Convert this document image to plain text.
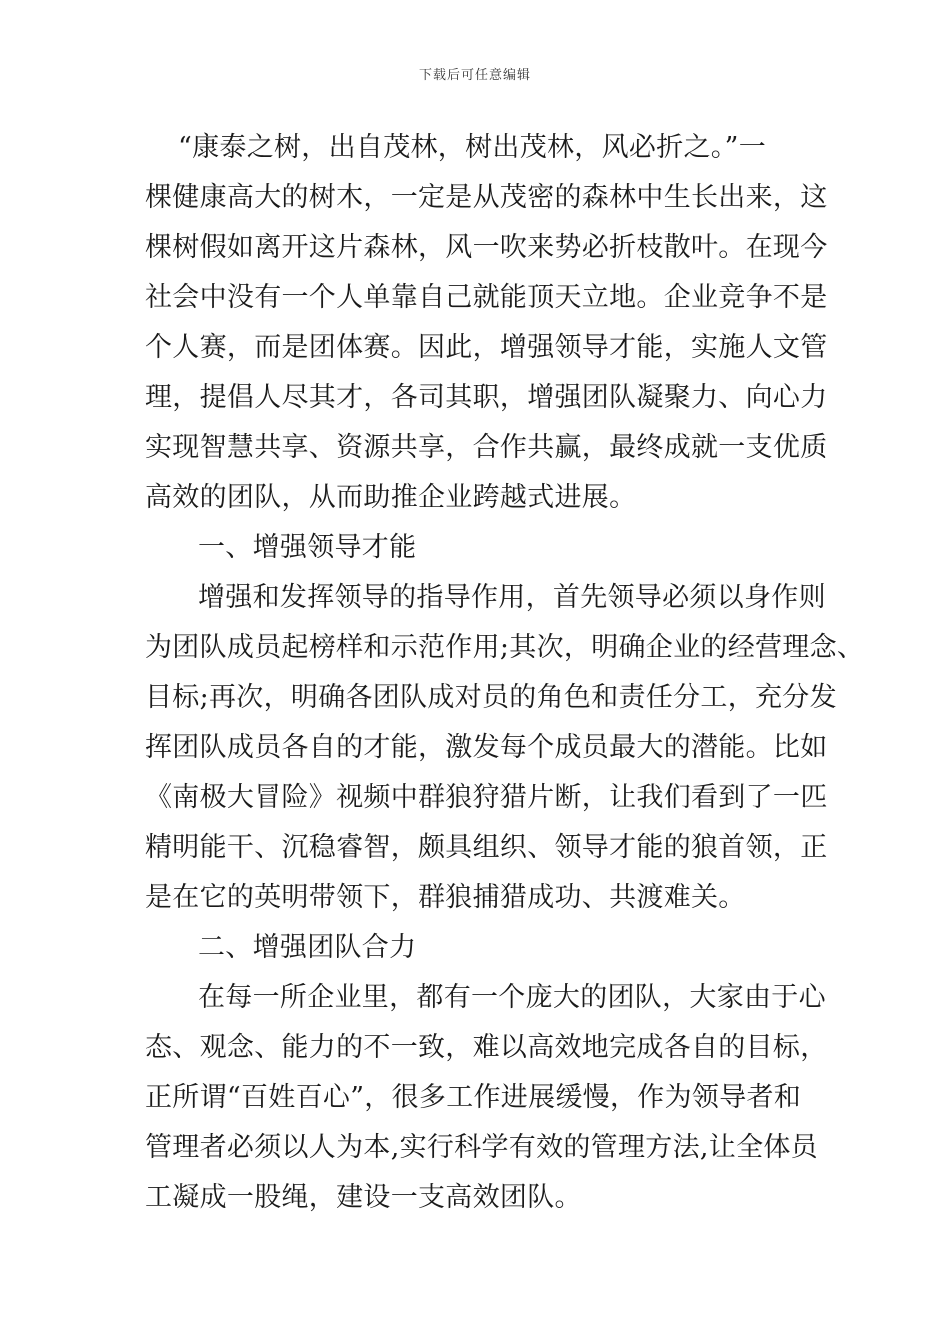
下载后可任意编辑
“康泰之树，出自茂林，树出茂林，风必折之。”一
棵健康高大的树木，一定是从茂密的森林中生长出来，这
棵树假如离开这片森林，风一吹来势必折枝散叶。在现今
社会中没有一个人单靠自己就能顶天立地。企业竞争不是
个人赛，而是团体赛。因此，增强领导才能，实施人文管
理，提倡人尽其才，各司其职，增强团队凝聚力、向心力
实现智慧共享、资源共享，合作共赢，最终成就一支优质
高效的团队，从而助推企业跨越式进展。
一、增强领导才能
增强和发挥领导的指导作用，首先领导必须以身作则
为团队成员起榜样和示范作用;其次，明确企业的经营理念、
目标;再次，明确各团队成对员的角色和责任分工，充分发
挥团队成员各自的才能，激发每个成员最大的潜能。比如
《南极大冒险》视频中群狼狩猎片断，让我们看到了一匹
精明能干、沉稳睿智，颇具组织、领导才能的狼首领，正
是在它的英明带领下，群狼捕猎成功、共渡难关。
二、增强团队合力
在每一所企业里，都有一个庞大的团队，大家由于心
态、观念、能力的不一致，难以高效地完成各自的目标，
正所谓“百姓百心”，很多工作进展缓慢，作为领导者和
管理者必须以人为本,实行科学有效的管理方法,让全体员
工凝成一股绳，建设一支高效团队。
